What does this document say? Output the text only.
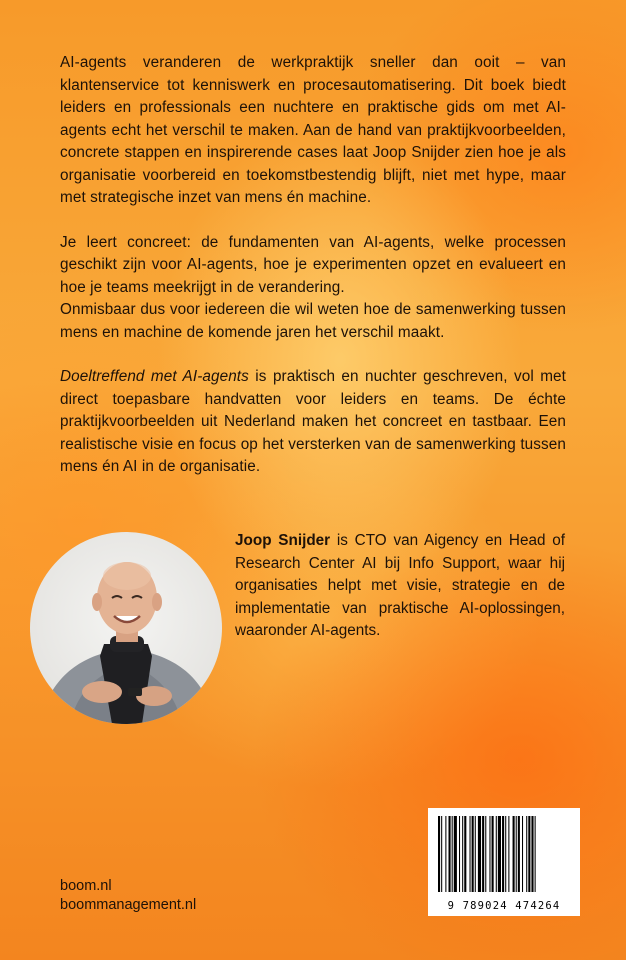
AI-agents veranderen de werkpraktijk sneller dan ooit – van klantenservice tot kenniswerk en procesautomatisering. Dit boek biedt leiders en professionals een nuchtere en praktische gids om met AI-agents echt het verschil te maken. Aan de hand van praktijkvoorbeelden, concrete stappen en inspirerende cases laat Joop Snijder zien hoe je als organisatie voorbereid en toekomstbestendig blijft, niet met hype, maar met strategische inzet van mens én machine.

Je leert concreet: de fundamenten van AI-agents, welke processen geschikt zijn voor AI-agents, hoe je experimenten opzet en evalueert en hoe je teams meekrijgt in de verandering.

Onmisbaar dus voor iedereen die wil weten hoe de samenwerking tussen mens en machine de komende jaren het verschil maakt.

Doeltreffend met AI-agents is praktisch en nuchter geschreven, vol met direct toepasbare handvatten voor leiders en teams. De échte praktijkvoorbeelden uit Nederland maken het concreet en tastbaar. Een realistische visie en focus op het versterken van de samenwerking tussen mens én AI in de organisatie.

Joop Snijder is CTO van Aigency en Head of Research Center AI bij Info Support, waar hij organisaties helpt met visie, strategie en de implementatie van praktische AI-oplossingen, waaronder AI-agents.
9 789024 474264
boom.nl
boommanagement.nl
